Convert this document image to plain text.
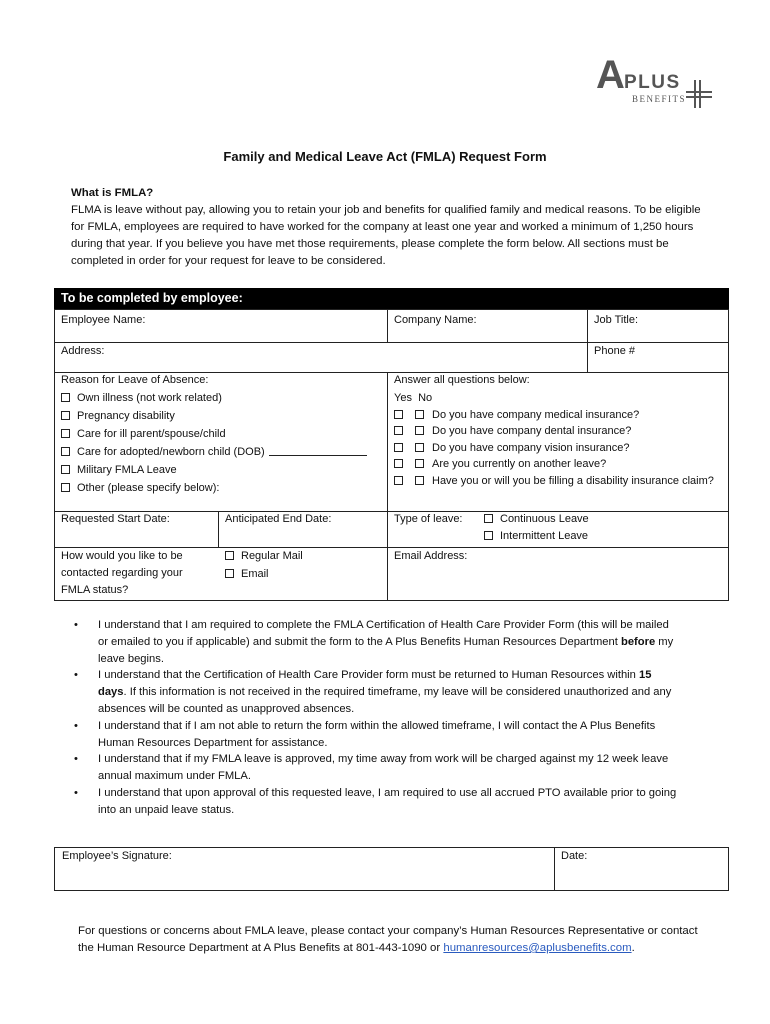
A PLUS
BENEFITS
Family and Medical Leave Act (FMLA) Request Form
What is FMLA?
FLMA is leave without pay, allowing you to retain your job and benefits for qualified family and medical reasons. To be eligible
for FMLA, employees are required to have worked for the company at least one year and worked a minimum of 1,250 hours
during that year. If you believe you have met those requirements, please complete the form below. All sections must be
completed in order for your request for leave to be considered.
To be completed by employee:
Employee Name:	Company Name:	Job Title:
Address:	Phone #
Reason for Leave of Absence:
Own illness (not work related)
Pregnancy disability
Care for ill parent/spouse/child
Care for adopted/newborn child (DOB)
Military FMLA Leave
Other (please specify below):
Answer all questions below:
Yes No
Do you have company medical insurance?
Do you have company dental insurance?
Do you have company vision insurance?
Are you currently on another leave?
Have you or will you be filling a disability insurance claim?
Requested Start Date:	Anticipated End Date:	Type of leave:	Continuous Leave
Intermittent Leave
How would you like to be
contacted regarding your
FMLA status?
Regular Mail
Email
Email Address:
• I understand that I am required to complete the FMLA Certification of Health Care Provider Form (this will be mailed
or emailed to you if applicable) and submit the form to the A Plus Benefits Human Resources Department before my
leave begins.
• I understand that the Certification of Health Care Provider form must be returned to Human Resources within 15
days. If this information is not received in the required timeframe, my leave will be considered unauthorized and any
absences will be counted as unapproved absences.
• I understand that if I am not able to return the form within the allowed timeframe, I will contact the A Plus Benefits
Human Resources Department for assistance.
• I understand that if my FMLA leave is approved, my time away from work will be charged against my 12 week leave
annual maximum under FMLA.
• I understand that upon approval of this requested leave, I am required to use all accrued PTO available prior to going
into an unpaid leave status.
Employee’s Signature:	Date:
For questions or concerns about FMLA leave, please contact your company’s Human Resources Representative or contact
the Human Resource Department at A Plus Benefits at 801-443-1090 or humanresources@aplusbenefits.com.
